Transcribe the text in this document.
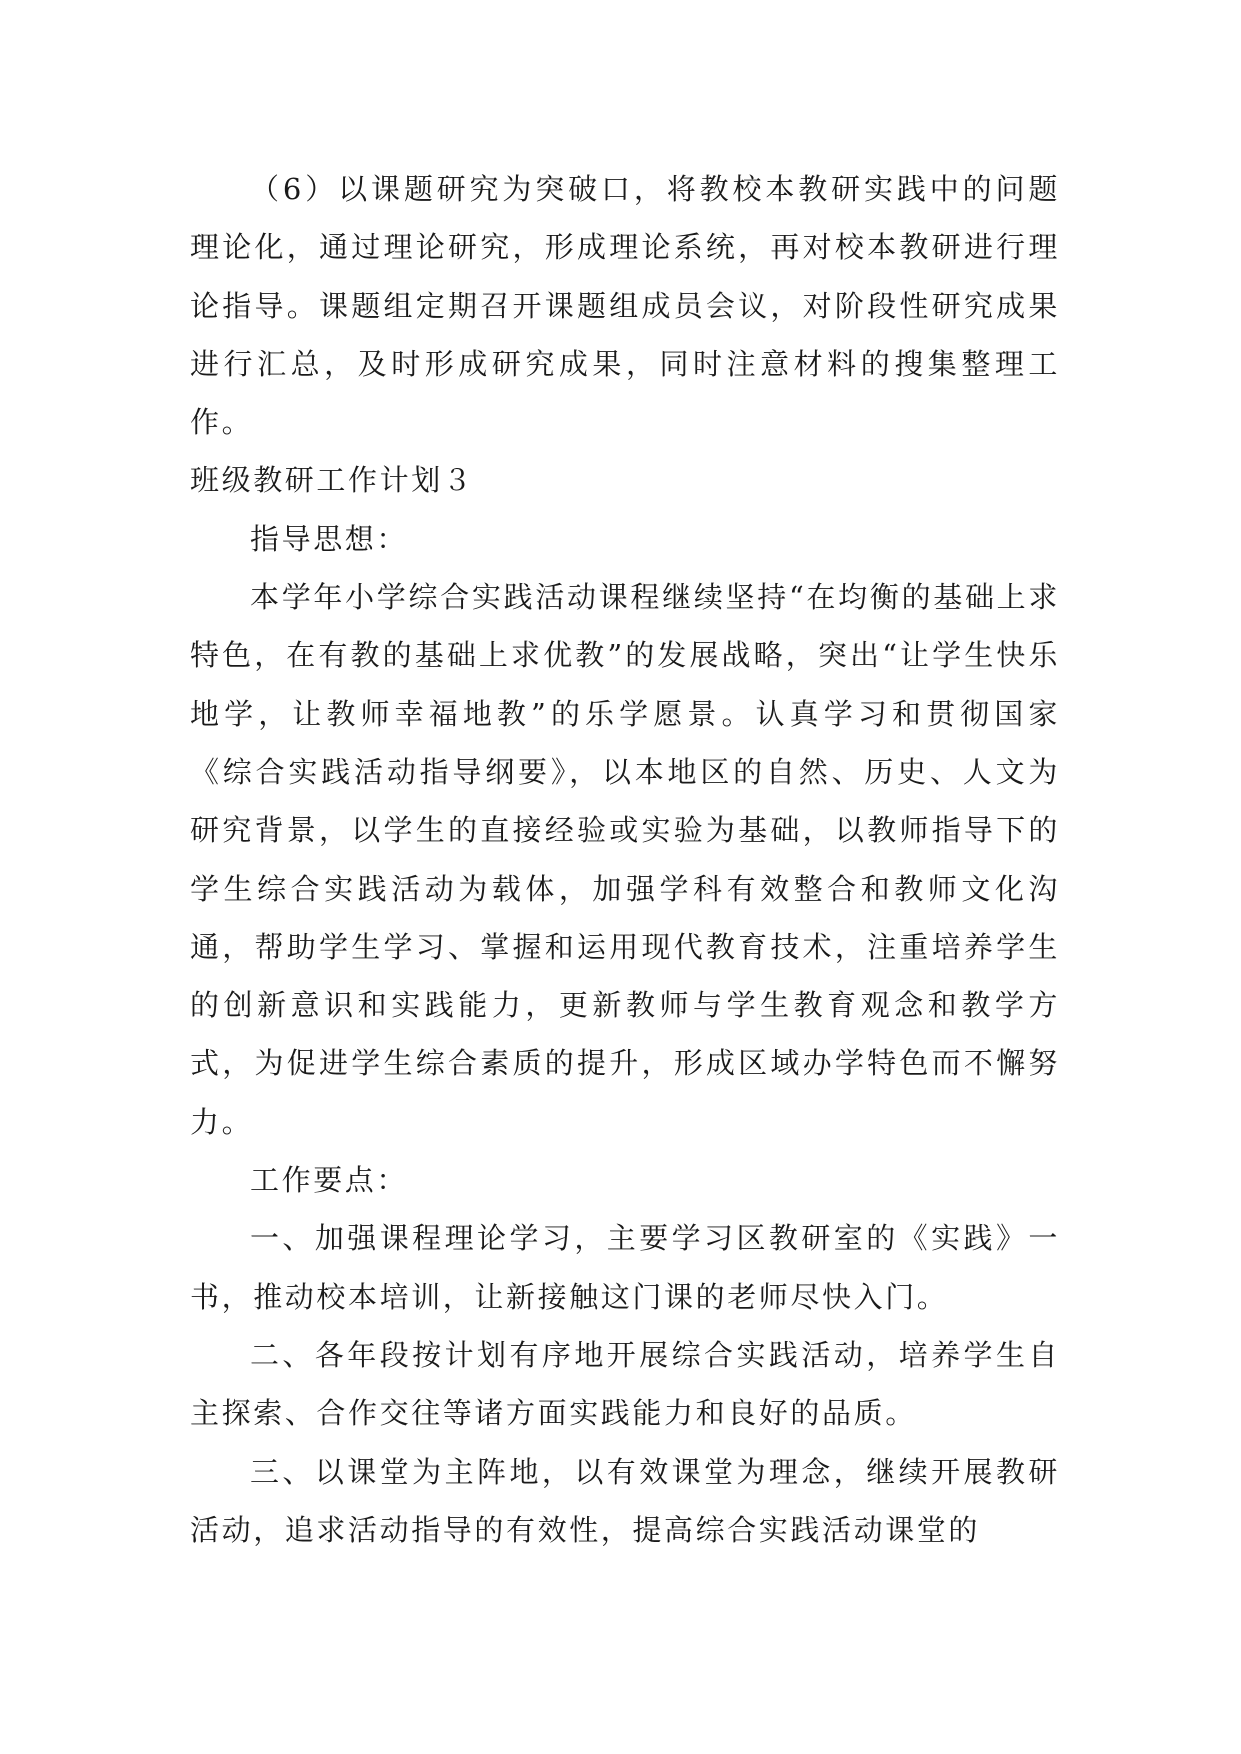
（6）以课题研究为突破口，将教校本教研实践中的问题理论化，通过理论研究，形成理论系统，再对校本教研进行理论指导。课题组定期召开课题组成员会议，对阶段性研究成果进行汇总，及时形成研究成果，同时注意材料的搜集整理工作。

班级教研工作计划３

指导思想：

本学年小学综合实践活动课程继续坚持“在均衡的基础上求特色，在有教的基础上求优教”的发展战略，突出“让学生快乐地学，让教师幸福地教”的乐学愿景。认真学习和贯彻国家《综合实践活动指导纲要》，以本地区的自然、历史、人文为研究背景，以学生的直接经验或实验为基础，以教师指导下的学生综合实践活动为载体，加强学科有效整合和教师文化沟通，帮助学生学习、掌握和运用现代教育技术，注重培养学生的创新意识和实践能力，更新教师与学生教育观念和教学方式，为促进学生综合素质的提升，形成区域办学特色而不懈努力。

工作要点：

一、加强课程理论学习，主要学习区教研室的《实践》一书，推动校本培训，让新接触这门课的老师尽快入门。

二、各年段按计划有序地开展综合实践活动，培养学生自主探索、合作交往等诸方面实践能力和良好的品质。

三、以课堂为主阵地，以有效课堂为理念，继续开展教研活动，追求活动指导的有效性，提高综合实践活动课堂的
